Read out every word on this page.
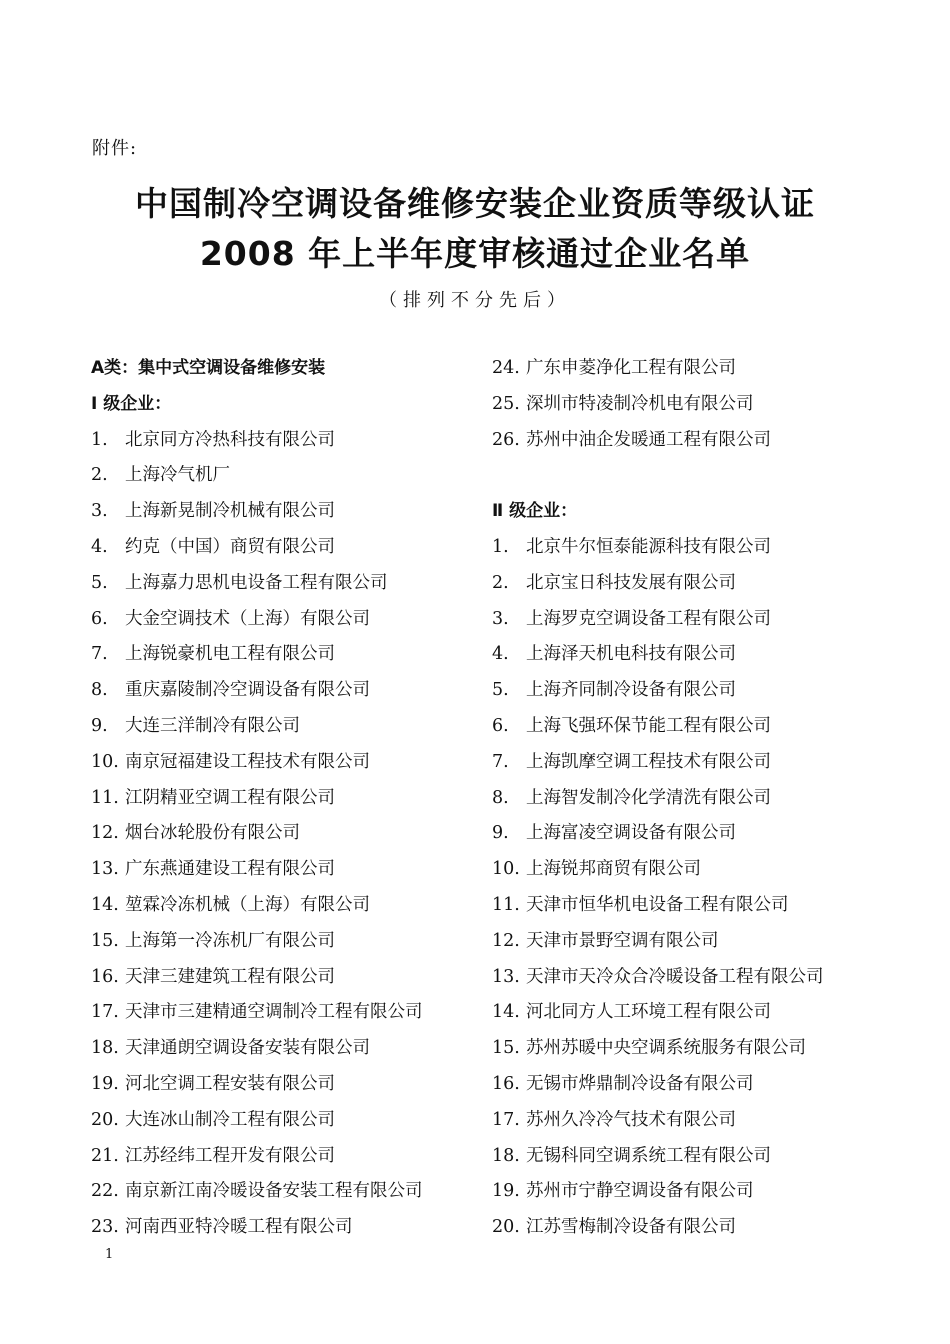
附件:
中国制冷空调设备维修安装企业资质等级认证
2008 年上半年度审核通过企业名单
（排列不分先后）
A类：集中式空调设备维修安装
Ⅰ 级企业：
1. 北京同方冷热科技有限公司
2. 上海冷气机厂
3. 上海新晃制冷机械有限公司
4. 约克（中国）商贸有限公司
5. 上海嘉力思机电设备工程有限公司
6. 大金空调技术（上海）有限公司
7. 上海锐豪机电工程有限公司
8. 重庆嘉陵制冷空调设备有限公司
9. 大连三洋制冷有限公司
10. 南京冠福建设工程技术有限公司
11. 江阴精亚空调工程有限公司
12. 烟台冰轮股份有限公司
13. 广东燕通建设工程有限公司
14. 堃霖冷冻机械（上海）有限公司
15. 上海第一冷冻机厂有限公司
16. 天津三建建筑工程有限公司
17. 天津市三建精通空调制冷工程有限公司
18. 天津通朗空调设备安装有限公司
19. 河北空调工程安装有限公司
20. 大连冰山制冷工程有限公司
21. 江苏经纬工程开发有限公司
22. 南京新江南冷暖设备安装工程有限公司
23. 河南西亚特冷暖工程有限公司
24. 广东申菱净化工程有限公司
25. 深圳市特凌制冷机电有限公司
26. 苏州中油企发暖通工程有限公司
Ⅱ 级企业：
1. 北京牛尔恒泰能源科技有限公司
2. 北京宝日科技发展有限公司
3. 上海罗克空调设备工程有限公司
4. 上海泽天机电科技有限公司
5. 上海齐同制冷设备有限公司
6. 上海飞强环保节能工程有限公司
7. 上海凯摩空调工程技术有限公司
8. 上海智发制冷化学清洗有限公司
9. 上海富凌空调设备有限公司
10. 上海锐邦商贸有限公司
11. 天津市恒华机电设备工程有限公司
12. 天津市景野空调有限公司
13. 天津市天冷众合冷暖设备工程有限公司
14. 河北同方人工环境工程有限公司
15. 苏州苏暖中央空调系统服务有限公司
16. 无锡市烨鼎制冷设备有限公司
17. 苏州久冷冷气技术有限公司
18. 无锡科同空调系统工程有限公司
19. 苏州市宁静空调设备有限公司
20. 江苏雪梅制冷设备有限公司
1
